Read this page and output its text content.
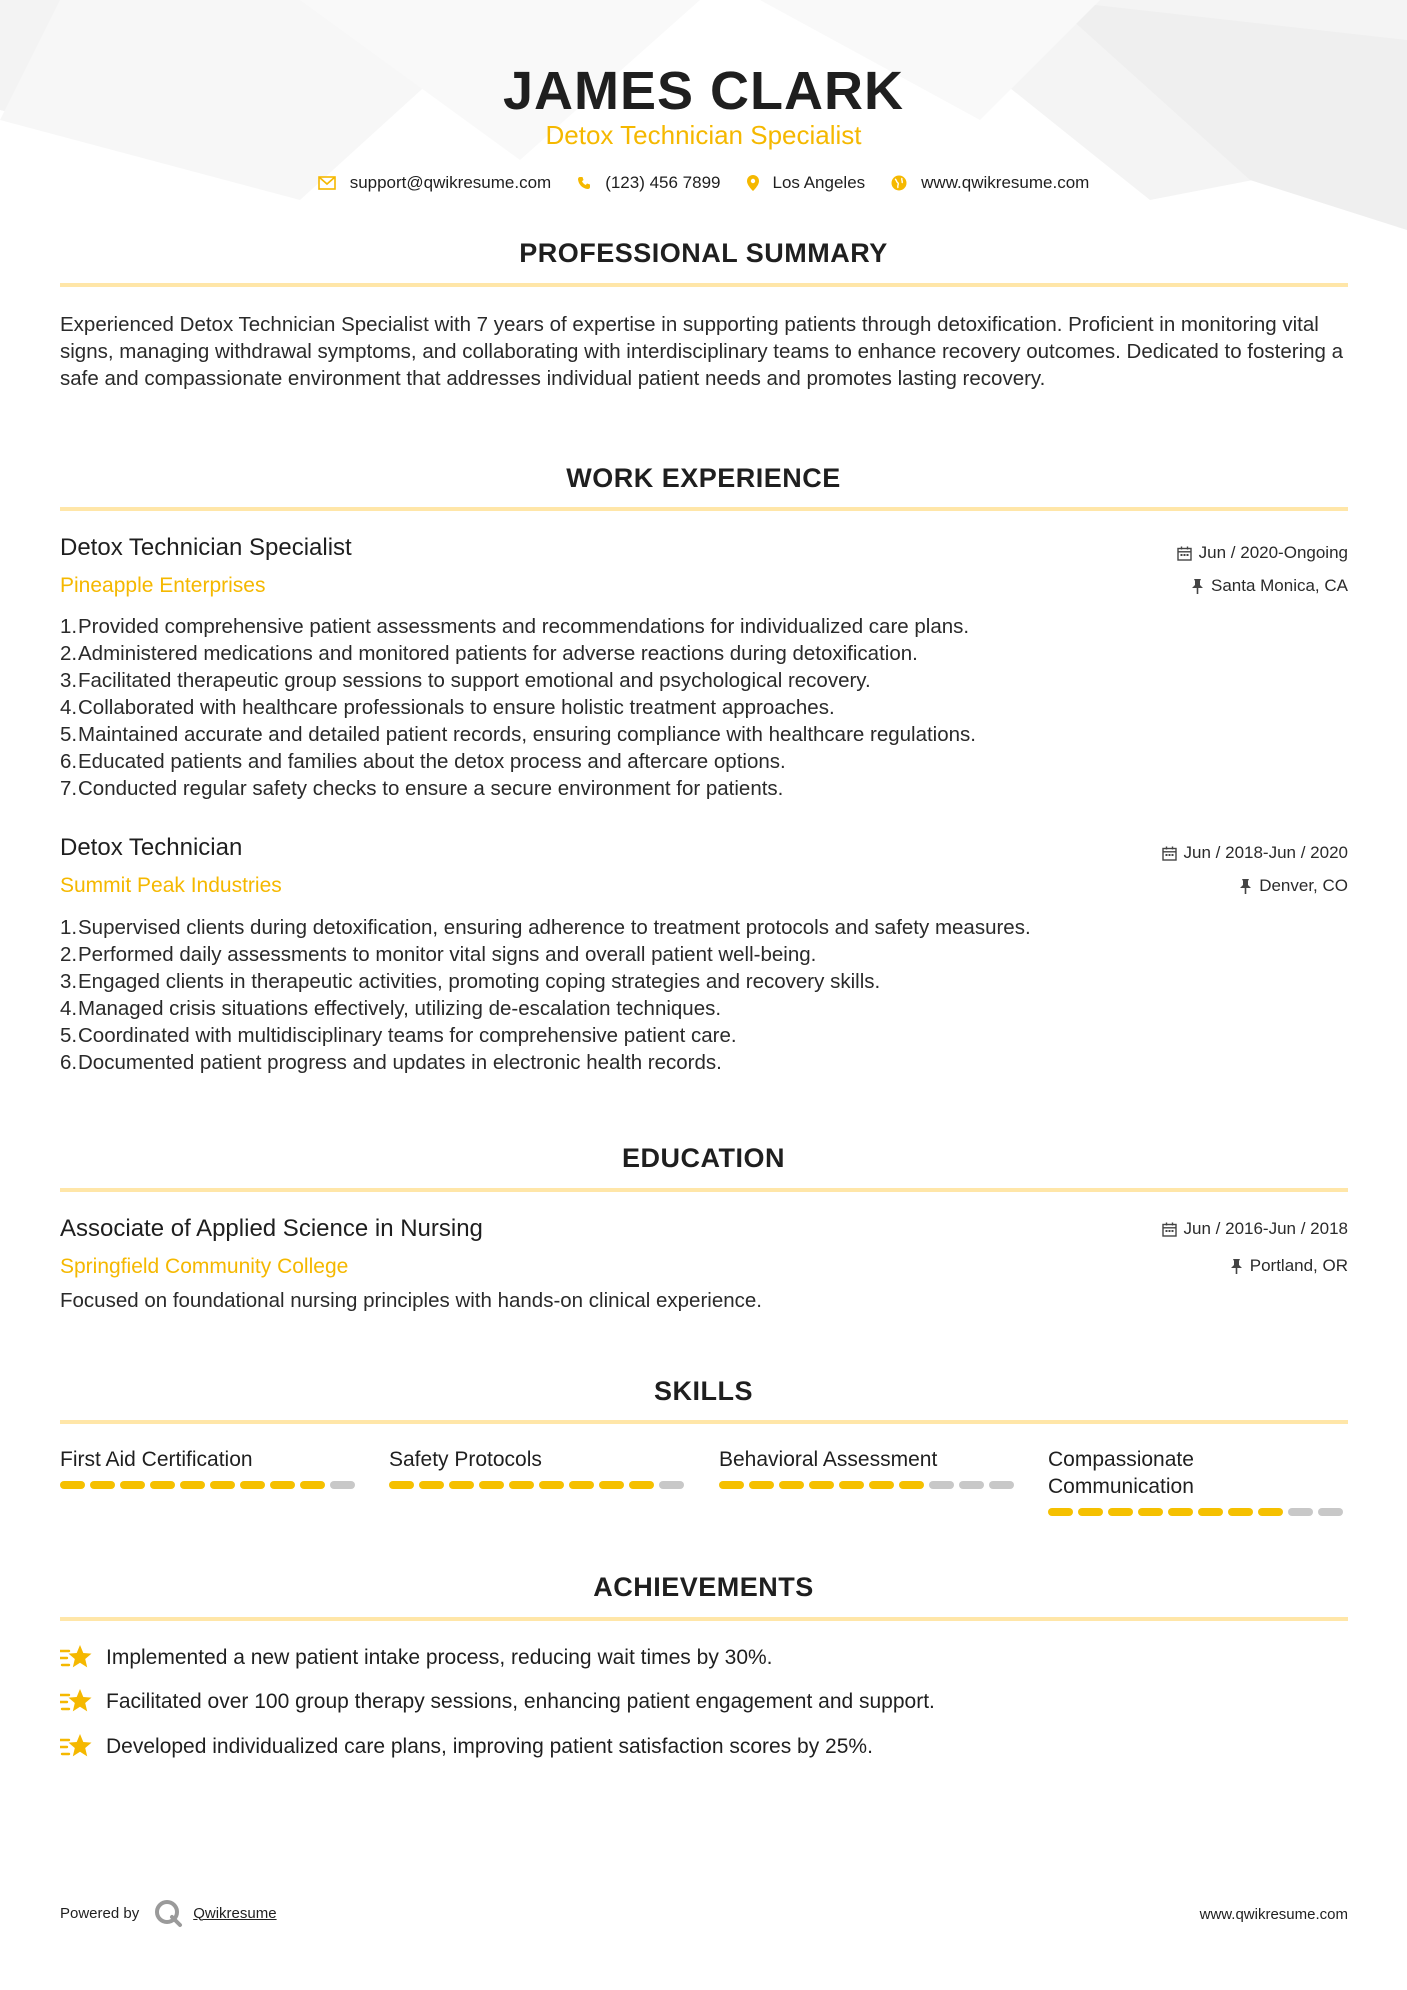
JAMES CLARK
Detox Technician Specialist
support@qwikresume.com	(123) 456 7899	Los Angeles	www.qwikresume.com
PROFESSIONAL SUMMARY
Experienced Detox Technician Specialist with 7 years of expertise in supporting patients through detoxification. Proficient in monitoring vital signs, managing withdrawal symptoms, and collaborating with interdisciplinary teams to enhance recovery outcomes. Dedicated to fostering a safe and compassionate environment that addresses individual patient needs and promotes lasting recovery.
WORK EXPERIENCE
Detox Technician Specialist
Pineapple Enterprises
Jun / 2020-Ongoing
Santa Monica, CA
1. Provided comprehensive patient assessments and recommendations for individualized care plans.
2. Administered medications and monitored patients for adverse reactions during detoxification.
3. Facilitated therapeutic group sessions to support emotional and psychological recovery.
4. Collaborated with healthcare professionals to ensure holistic treatment approaches.
5. Maintained accurate and detailed patient records, ensuring compliance with healthcare regulations.
6. Educated patients and families about the detox process and aftercare options.
7. Conducted regular safety checks to ensure a secure environment for patients.
Detox Technician
Summit Peak Industries
Jun / 2018-Jun / 2020
Denver, CO
1. Supervised clients during detoxification, ensuring adherence to treatment protocols and safety measures.
2. Performed daily assessments to monitor vital signs and overall patient well-being.
3. Engaged clients in therapeutic activities, promoting coping strategies and recovery skills.
4. Managed crisis situations effectively, utilizing de-escalation techniques.
5. Coordinated with multidisciplinary teams for comprehensive patient care.
6. Documented patient progress and updates in electronic health records.
EDUCATION
Associate of Applied Science in Nursing
Springfield Community College
Jun / 2016-Jun / 2018
Portland, OR
Focused on foundational nursing principles with hands-on clinical experience.
SKILLS
First Aid Certification	Safety Protocols	Behavioral Assessment	Compassionate Communication
ACHIEVEMENTS
Implemented a new patient intake process, reducing wait times by 30%.
Facilitated over 100 group therapy sessions, enhancing patient engagement and support.
Developed individualized care plans, improving patient satisfaction scores by 25%.
Powered by	Qwikresume	www.qwikresume.com
